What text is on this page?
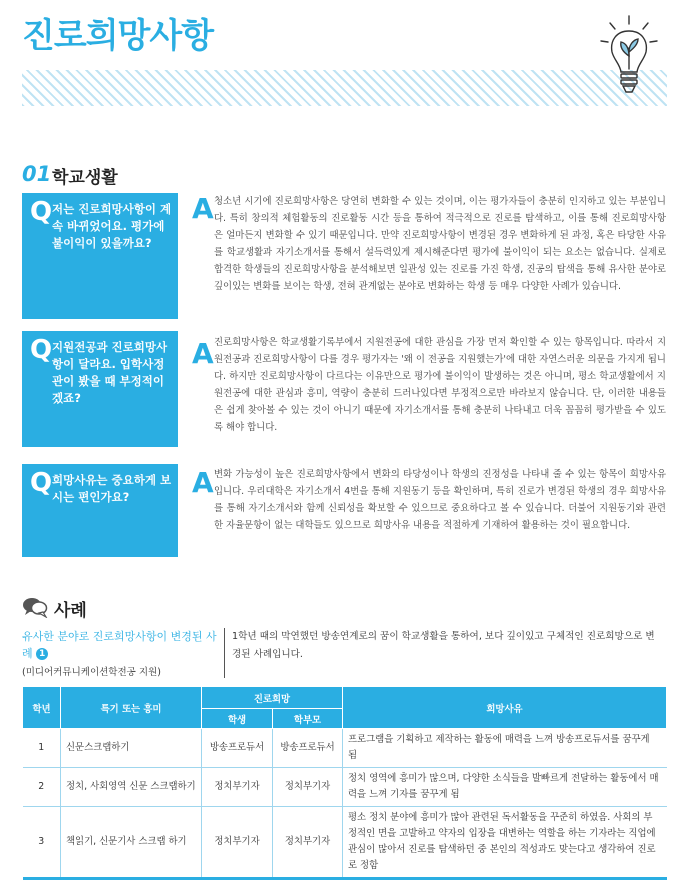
진로희망사항
01 학교생활
Q 저는 진로희망사항이 계속 바뀌었어요. 평가에 불이익이 있을까요?
A 청소년 시기에 진로희망사항은 당연히 변화할 수 있는 것이며, 이는 평가자들이 충분히 인지하고 있는 부분입니다. 특히 창의적 체험활동의 진로활동 시간 등을 통하여 적극적으로 진로를 탐색하고, 이를 통해 진로희망사항은 얼마든지 변화할 수 있기 때문입니다. 만약 진로희망사항이 변경된 경우 변화하게 된 과정, 혹은 타당한 사유를 학교생활과 자기소개서를 통해서 설득력있게 제시해준다면 평가에 불이익이 되는 요소는 없습니다. 실제로 합격한 학생들의 진로희망사항을 분석해보면 일관성 있는 진로를 가진 학생, 진공의 탐색을 통해 유사한 분야로 깊이있는 변화를 보이는 학생, 전혀 관계없는 분야로 변화하는 학생 등 매우 다양한 사례가 있습니다.

Q 지원전공과 진로희망사항이 달라요. 입학사정관이 봤을 때 부정적이겠죠?
A 진로희망사항은 학교생활기록부에서 지원전공에 대한 관심을 가장 먼저 확인할 수 있는 항목입니다. 따라서 지원전공과 진로희망사항이 다를 경우 평가자는 '왜 이 전공을 지원했는가'에 대한 자연스러운 의문을 가지게 됩니다. 하지만 진로희망사항이 다르다는 이유만으로 평가에 불이익이 발생하는 것은 아니며, 평소 학교생활에서 지원전공에 대한 관심과 흥미, 역량이 충분히 드러나있다면 부정적으로만 바라보지 않습니다. 단, 이러한 내용들은 쉽게 찾아볼 수 있는 것이 아니기 때문에 자기소개서를 통해 충분히 나타내고 더욱 꼼꼼히 평가받을 수 있도록 해야 합니다.

Q 희망사유는 중요하게 보시는 편인가요?	A 변화 가능성이 높은 진로희망사항에서 변화의 타당성이나 학생의 진정성을 나타내 줄 수 있는 항목이 희망사유입니다. 우리대학은 자기소개서 4번을 통해 지원동기 등을 확인하며, 특히 진로가 변경된 학생의 경우 희망사유를 통해 자기소개서와 함께 신뢰성을 확보할 수 있으므로 중요하다고 볼 수 있습니다. 더불어 지원동기와 관련한 자율문항이 없는 대학들도 있으므로 희망사유 내용을 적절하게 기재하여 활용하는 것이 필요합니다.

사례
유사한 분야로 진로희망사항이 변경된 사례 1
(미디어커뮤니케이션학전공 지원)
1학년 때의 막연했던 방송연계로의 꿈이 학교생활을 통하여, 보다 깊이있고 구체적인 진로희망으로 변경된 사례입니다.
학년	특기 또는 흥미	진로희망		희망사유
		학생	학부모	
1	신문스크랩하기	방송프로듀서	방송프로듀서	프로그램을 기획하고 제작하는 활동에 매력을 느껴 방송프로듀서를 꿈꾸게 됨
2	정치, 사회영역 신문 스크랩하기	정치부기자	정치부기자	정치 영역에 흥미가 많으며, 다양한 소식들을 발빠르게 전달하는 활동에서 매력을 느껴 기자를 꿈꾸게 됨
3	책읽기, 신문기사 스크랩 하기	정치부기자	정치부기자	평소 정치 분야에 흥미가 많아 관련된 독서활동을 꾸준히 하였음. 사회의 부정적인 면을 고발하고 약자의 입장을 대변하는 역할을 하는 기자라는 직업에 관심이 많아서 진로를 탐색하던 중 본인의 적성과도 맞는다고 생각하여 진로로 정함
